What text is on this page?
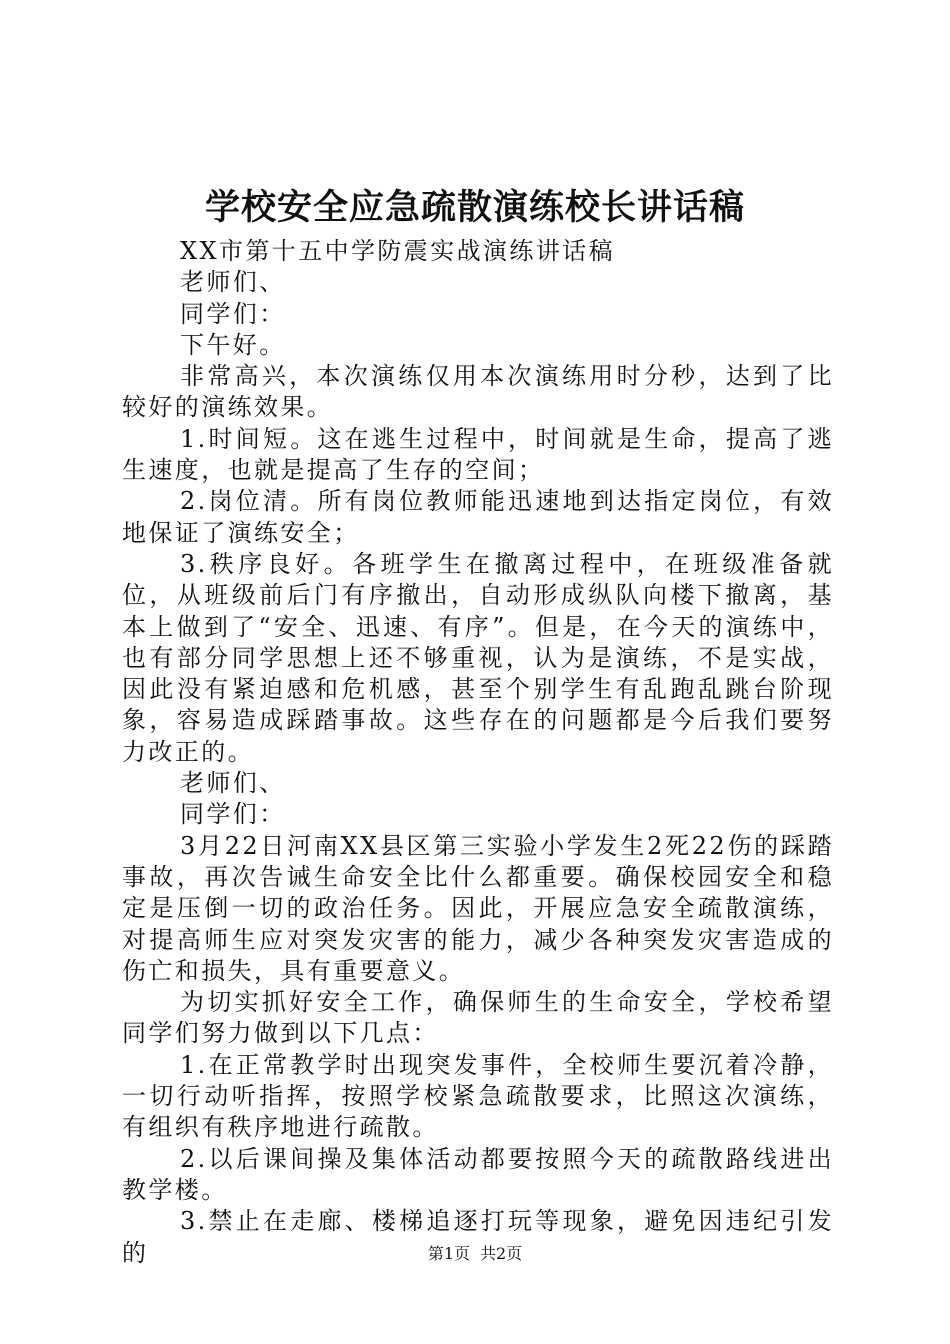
学校安全应急疏散演练校长讲话稿

XX市第十五中学防震实战演练讲话稿

老师们、

同学们：

下午好。

非常高兴，本次演练仅用本次演练用时分秒，达到了比较好的演练效果。

1.时间短。这在逃生过程中，时间就是生命，提高了逃生速度，也就是提高了生存的空间；

2.岗位清。所有岗位教师能迅速地到达指定岗位，有效地保证了演练安全；

3.秩序良好。各班学生在撤离过程中，在班级准备就位，从班级前后门有序撤出，自动形成纵队向楼下撤离，基本上做到了“安全、迅速、有序”。但是，在今天的演练中，也有部分同学思想上还不够重视，认为是演练，不是实战，因此没有紧迫感和危机感，甚至个别学生有乱跑乱跳台阶现象，容易造成踩踏事故。这些存在的问题都是今后我们要努力改正的。

老师们、

同学们：

3月22日河南XX县区第三实验小学发生2死22伤的踩踏事故，再次告诫生命安全比什么都重要。确保校园安全和稳定是压倒一切的政治任务。因此，开展应急安全疏散演练，对提高师生应对突发灾害的能力，减少各种突发灾害造成的伤亡和损失，具有重要意义。

为切实抓好安全工作，确保师生的生命安全，学校希望同学们努力做到以下几点：

1.在正常教学时出现突发事件，全校师生要沉着冷静，一切行动听指挥，按照学校紧急疏散要求，比照这次演练，有组织有秩序地进行疏散。

2.以后课间操及集体活动都要按照今天的疏散路线进出教学楼。

3.禁止在走廊、楼梯追逐打玩等现象，避免因违纪引发的	第1页 共2页
